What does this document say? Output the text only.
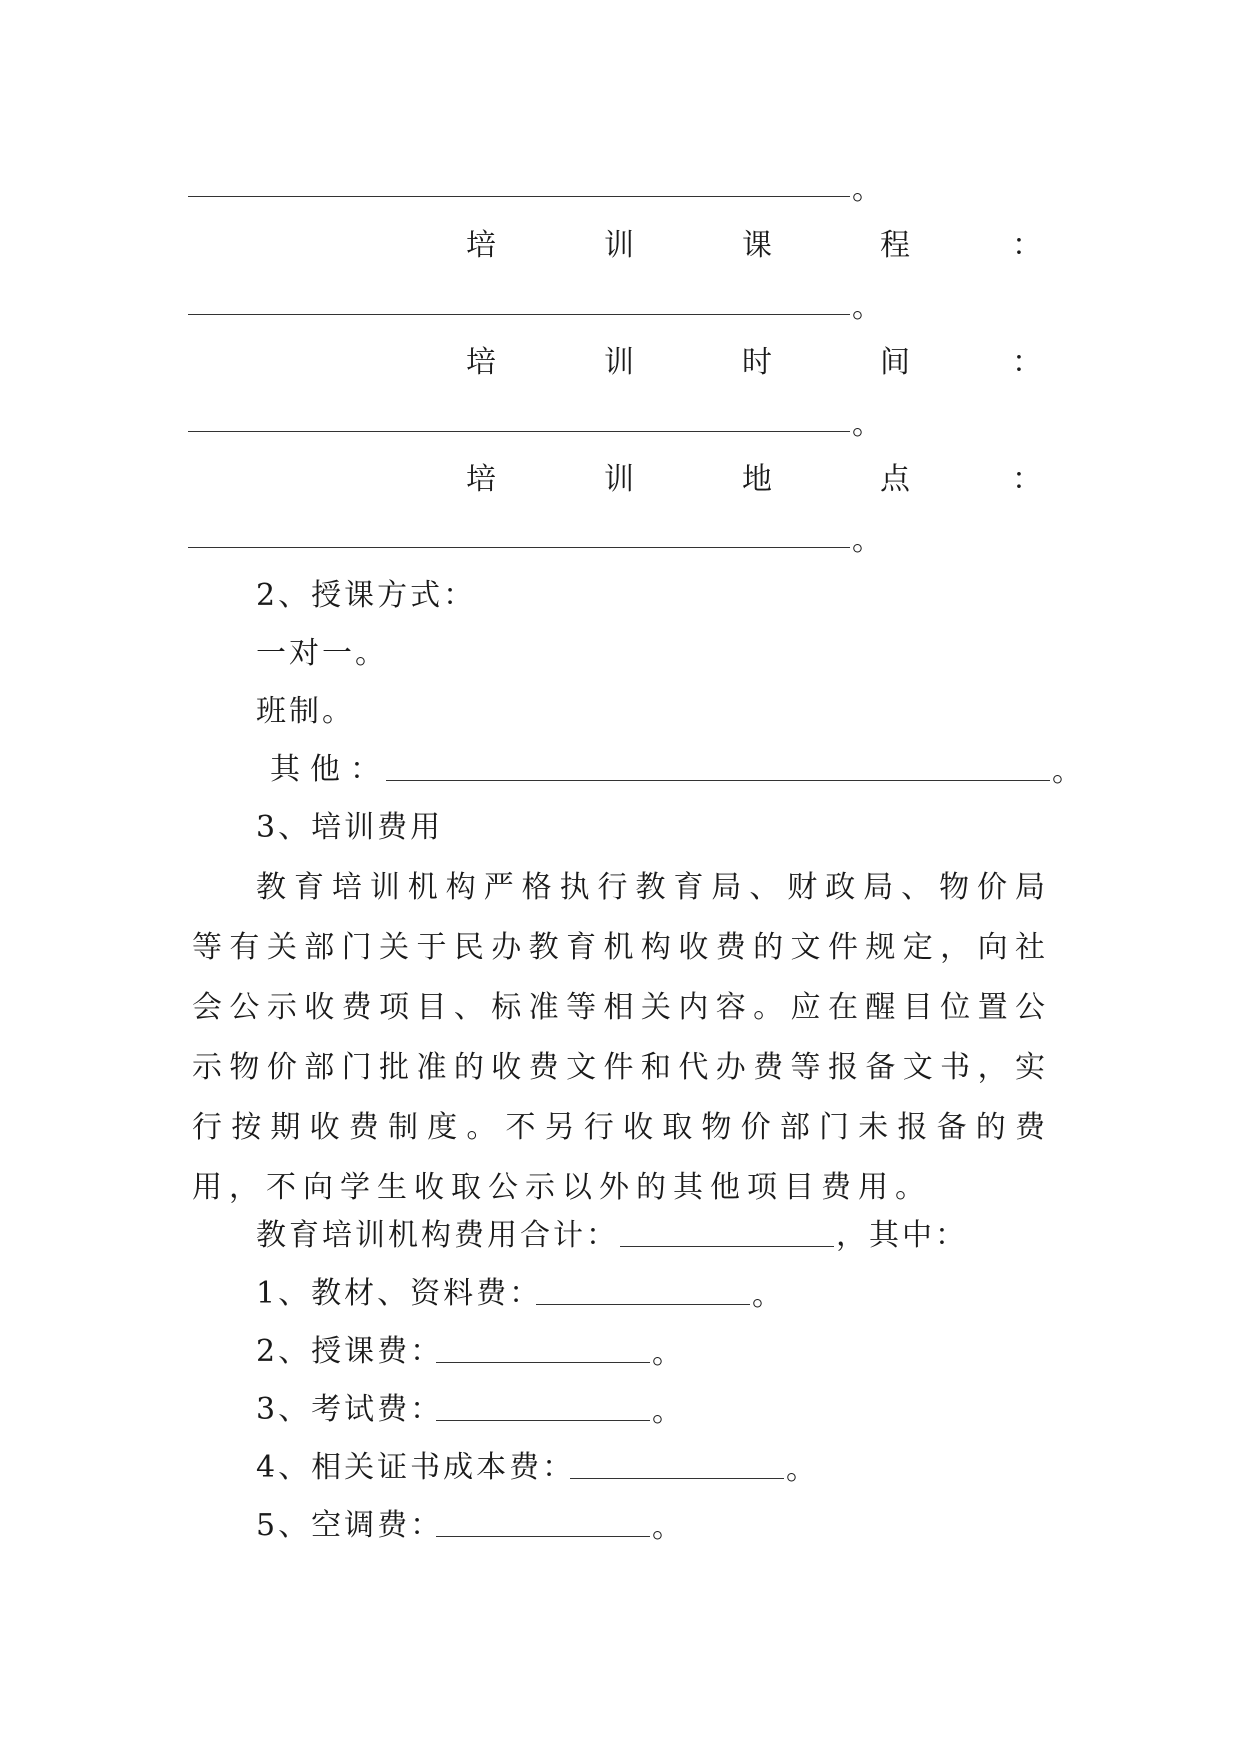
。
培	训	课	程	：
。
培	训	时	间	：
。
培	训	地	点	：
。
2、授课方式：
一对一。
班制。
其他：	。
3、培训费用
教育培训机构严格执行教育局、财政局、物价局等有关部门关于民办教育机构收费的文件规定，向社会公示收费项目、标准等相关内容。应在醒目位置公示物价部门批准的收费文件和代办费等报备文书，实行按期收费制度。不另行收取物价部门未报备的费用，不向学生收取公示以外的其他项目费用。
教育培训机构费用合计：	，其中：
1、教材、资料费：	。
2、授课费：	。
3、考试费：	。
4、相关证书成本费：	。
5、空调费：	。
